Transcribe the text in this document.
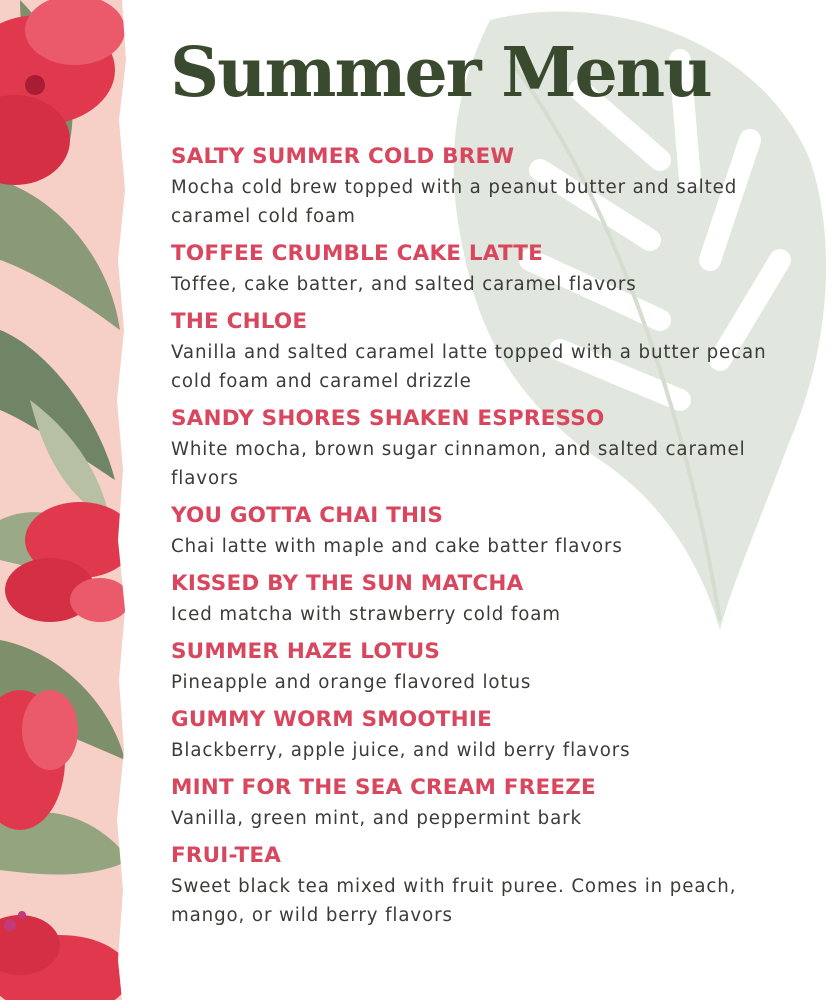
Summer Menu
SALTY SUMMER COLD BREW
Mocha cold brew topped with a peanut butter and salted caramel cold foam
TOFFEE CRUMBLE CAKE LATTE
Toffee, cake batter, and salted caramel flavors
THE CHLOE
Vanilla and salted caramel latte topped with a butter pecan cold foam and caramel drizzle
SANDY SHORES SHAKEN ESPRESSO
White mocha, brown sugar cinnamon, and salted caramel flavors
YOU GOTTA CHAI THIS
Chai latte with maple and cake batter flavors
KISSED BY THE SUN MATCHA
Iced matcha with strawberry cold foam
SUMMER HAZE LOTUS
Pineapple and orange flavored lotus
GUMMY WORM SMOOTHIE
Blackberry, apple juice, and wild berry flavors
MINT FOR THE SEA CREAM FREEZE
Vanilla, green mint, and peppermint bark
FRUI-TEA
Sweet black tea mixed with fruit puree. Comes in peach, mango, or wild berry flavors
